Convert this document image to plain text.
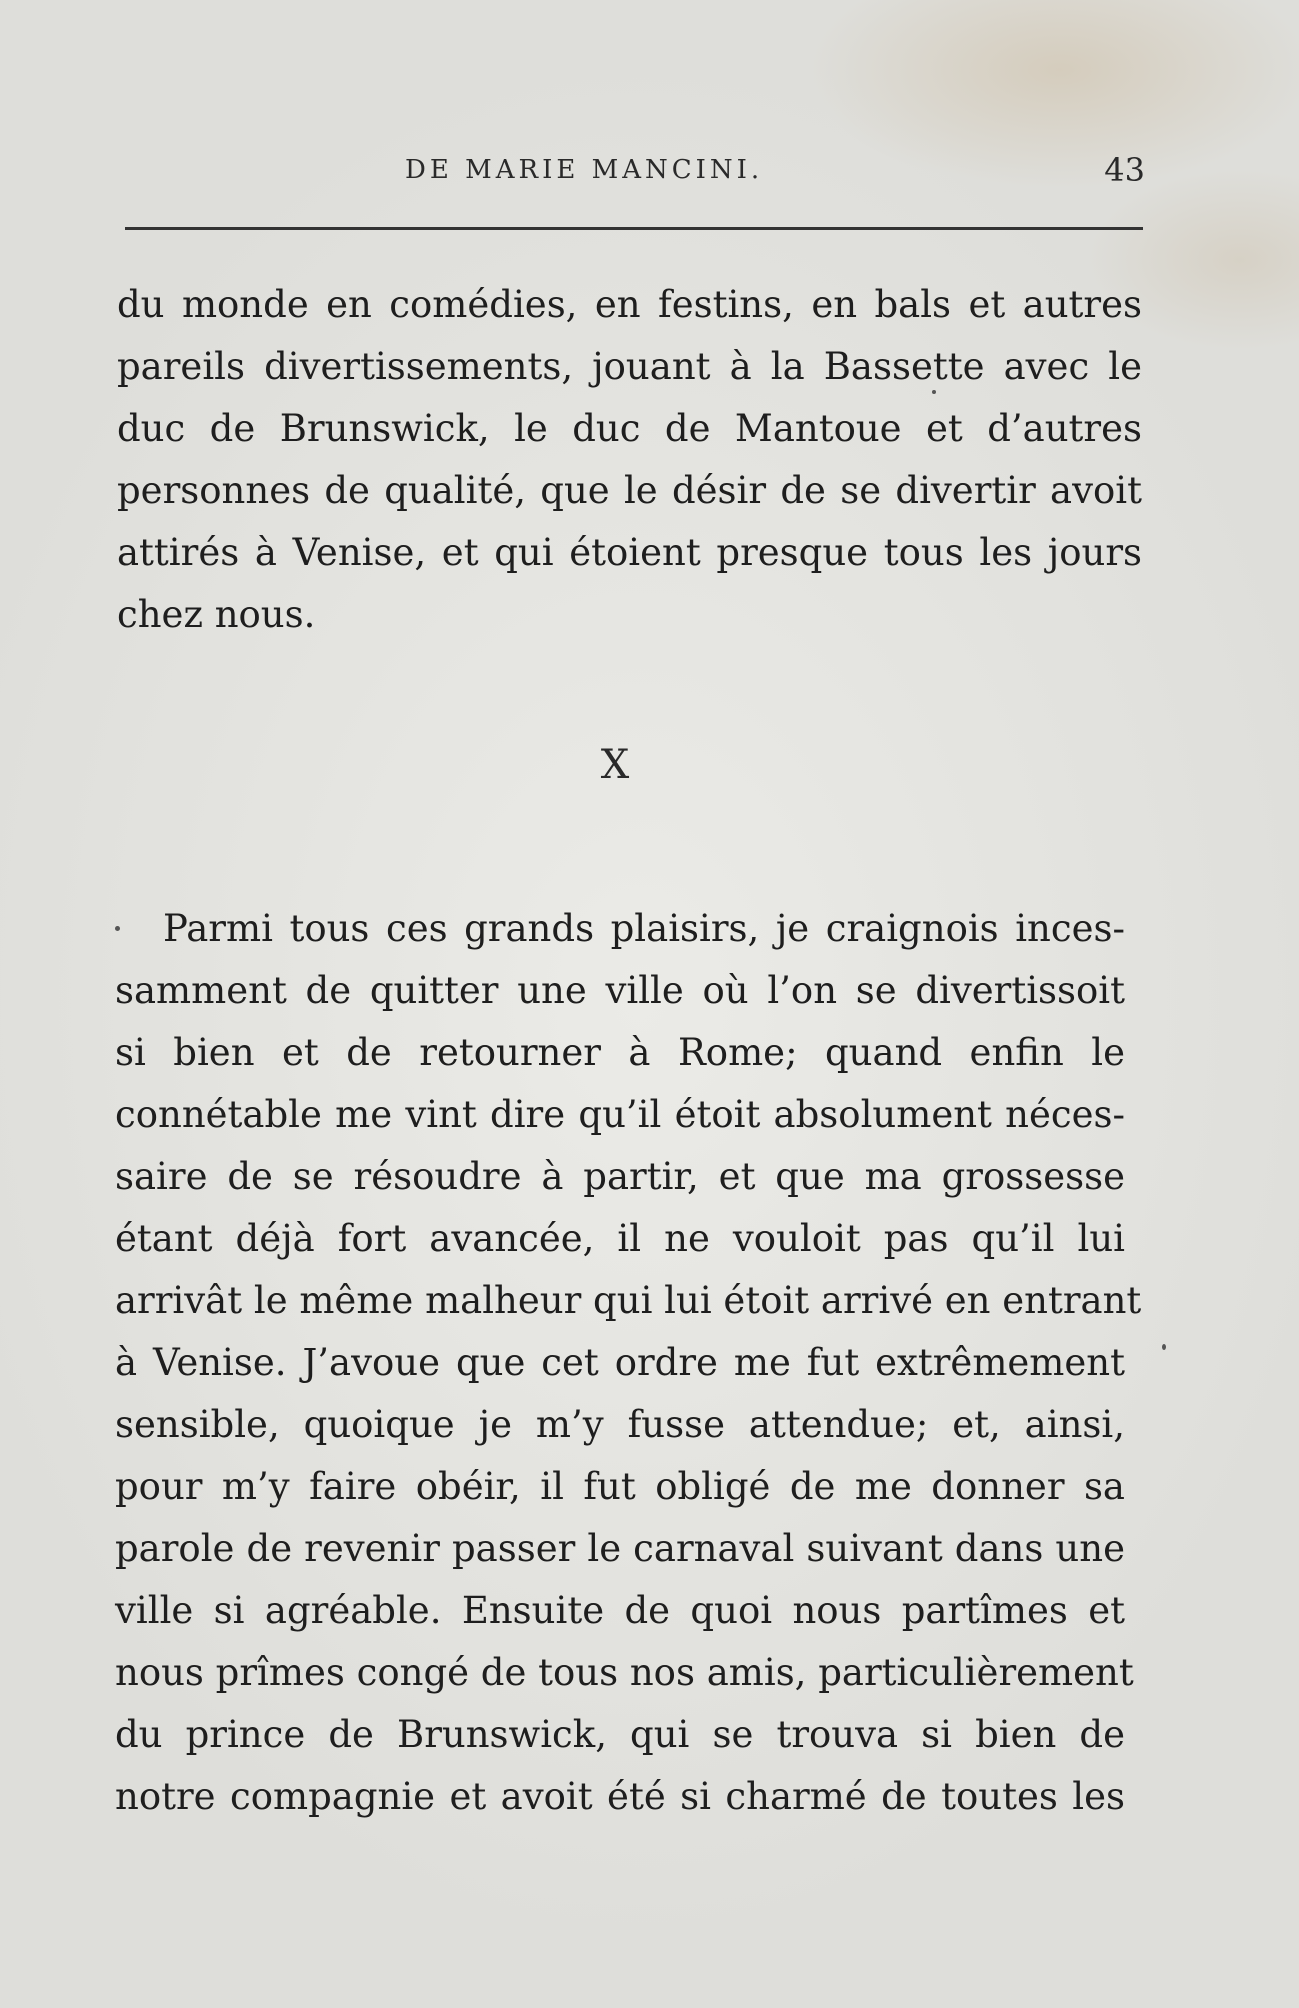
DE MARIE MANCINI.	43
du monde en comédies, en festins, en bals et autres
pareils divertissements, jouant à la Bassette avec le
duc de Brunswick, le duc de Mantoue et d’autres
personnes de qualité, que le désir de se divertir avoit
attirés à Venise, et qui étoient presque tous les jours
chez nous.
X
Parmi tous ces grands plaisirs, je craignois inces-
samment de quitter une ville où l’on se divertissoit
si bien et de retourner à Rome; quand enfin le
connétable me vint dire qu’il étoit absolument néces-
saire de se résoudre à partir, et que ma grossesse
étant déjà fort avancée, il ne vouloit pas qu’il lui
arrivât le même malheur qui lui étoit arrivé en entrant
à Venise. J’avoue que cet ordre me fut extrêmement
sensible, quoique je m’y fusse attendue; et, ainsi,
pour m’y faire obéir, il fut obligé de me donner sa
parole de revenir passer le carnaval suivant dans une
ville si agréable. Ensuite de quoi nous partîmes et
nous prîmes congé de tous nos amis, particulièrement
du prince de Brunswick, qui se trouva si bien de
notre compagnie et avoit été si charmé de toutes les
